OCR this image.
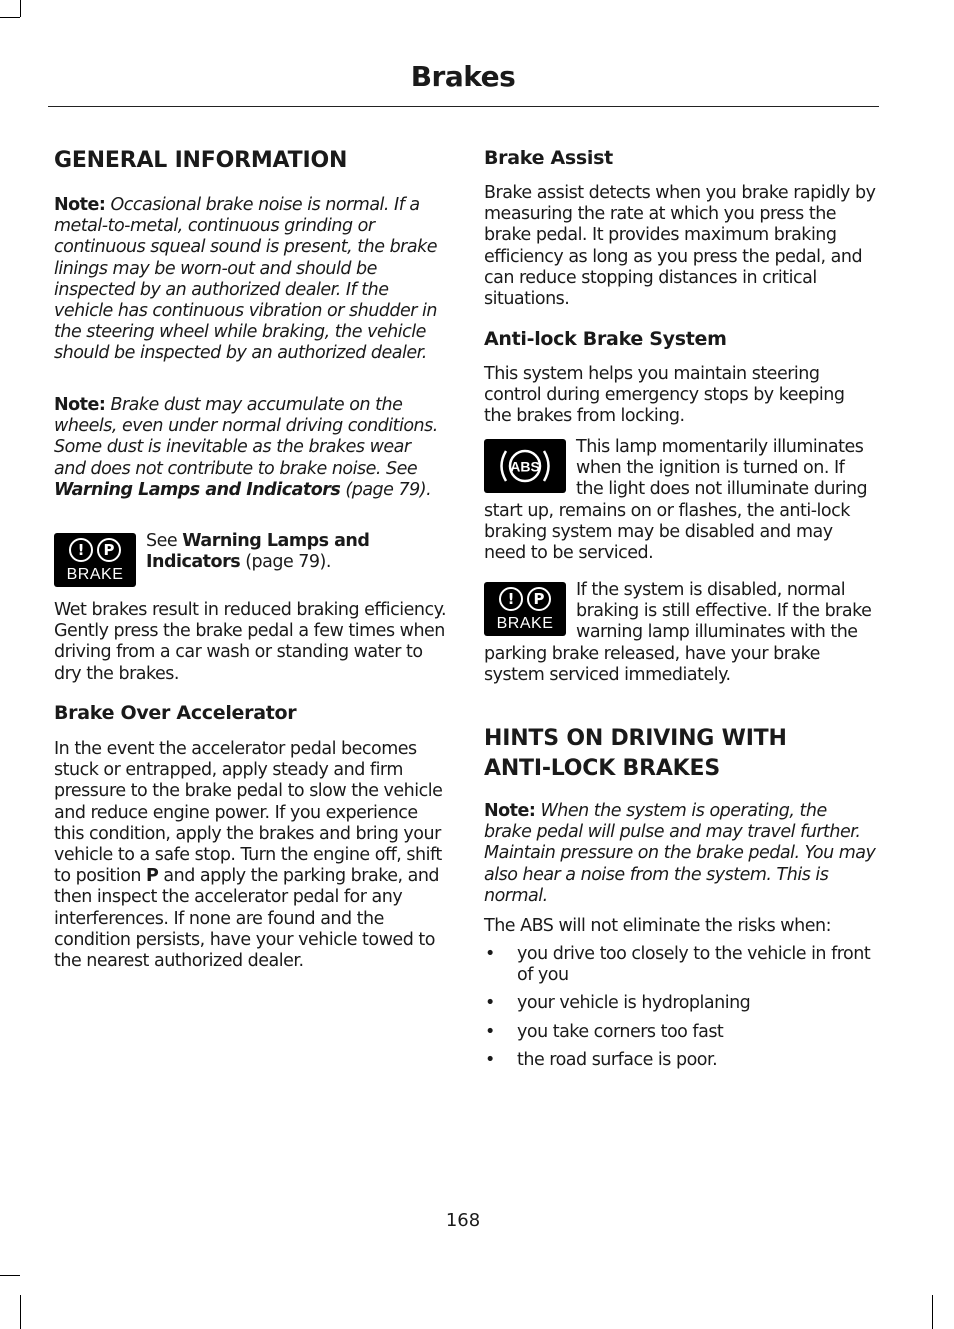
Brakes
GENERAL INFORMATION

Note: Occasional brake noise is normal. If a metal-to-metal, continuous grinding or continuous squeal sound is present, the brake linings may be worn-out and should be inspected by an authorized dealer. If the vehicle has continuous vibration or shudder in the steering wheel while braking, the vehicle should be inspected by an authorized dealer.

Note: Brake dust may accumulate on the wheels, even under normal driving conditions. Some dust is inevitable as the brakes wear and does not contribute to brake noise. See Warning Lamps and Indicators (page 79).

!	P
BRAKE

See Warning Lamps and Indicators (page 79).

Wet brakes result in reduced braking efficiency. Gently press the brake pedal a few times when driving from a car wash or standing water to dry the brakes.

Brake Over Accelerator

In the event the accelerator pedal becomes stuck or entrapped, apply steady and firm pressure to the brake pedal to slow the vehicle and reduce engine power. If you experience this condition, apply the brakes and bring your vehicle to a safe stop. Turn the engine off, shift to position P and apply the parking brake, and then inspect the accelerator pedal for any interferences. If none are found and the condition persists, have your vehicle towed to the nearest authorized dealer.

Brake Assist

Brake assist detects when you brake rapidly by measuring the rate at which you press the brake pedal. It provides maximum braking efficiency as long as you press the pedal, and can reduce stopping distances in critical situations.

Anti-lock Brake System

This system helps you maintain steering control during emergency stops by keeping the brakes from locking.

ABS

This lamp momentarily illuminates when the ignition is turned on. If the light does not illuminate during start up, remains on or flashes, the anti-lock braking system may be disabled and may need to be serviced.

!	P
BRAKE

If the system is disabled, normal braking is still effective. If the brake warning lamp illuminates with the parking brake released, have your brake system serviced immediately.

HINTS ON DRIVING WITH
ANTI-LOCK BRAKES

Note: When the system is operating, the brake pedal will pulse and may travel further. Maintain pressure on the brake pedal. You may also hear a noise from the system. This is normal.

The ABS will not eliminate the risks when:

• you drive too closely to the vehicle in front of you
• your vehicle is hydroplaning
• you take corners too fast
• the road surface is poor.
168
